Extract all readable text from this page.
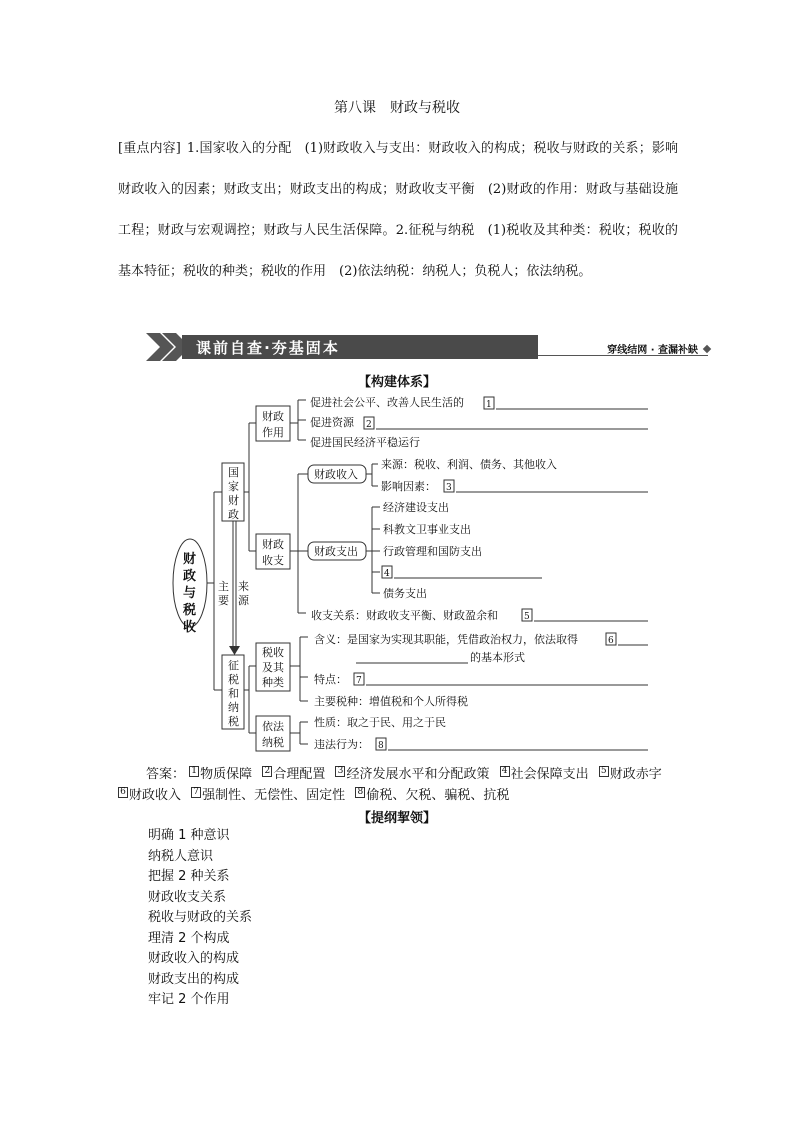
第八课　财政与税收

[重点内容] 1.国家收入的分配　(1)财政收入与支出：财政收入的构成；税收与财政的关系；影响财政收入的因素；财政支出；财政支出的构成；财政收支平衡　(2)财政的作用：财政与基础设施工程；财政与宏观调控；财政与人民生活保障。2.征税与纳税　(1)税收及其种类：税收；税收的基本特征；税收的种类；税收的作用　(2)依法纳税：纳税人；负税人；依法纳税。

课前自查·夯基固本	穿线结网 · 查漏补缺
【构建体系】
财
政
与
税
收
主
要
来
源
国
家
财
政
征
税
和
纳
税
财政
作用
财政
收支
税收
及其
种类
依法
纳税
财政收入
财政支出
促进社会公平、改善人民生活的
促进资源
促进国民经济平稳运行
来源：税收、利润、债务、其他收入
影响因素：
经济建设支出
科教文卫事业支出
行政管理和国防支出
债务支出
收支关系：财政收支平衡、财政盈余和
含义：是国家为实现其职能，凭借政治权力，依法取得
的基本形式
特点：
主要税种：增值税和个人所得税
性质：取之于民、用之于民
违法行为：
1
2
3
4
5
6
7
8
答案： 1 物质保障 2 合理配置 3 经济发展水平和分配政策 4 社会保障支出 5 财政赤字 6 财政收入 7 强制性、无偿性、固定性 8 偷税、欠税、骗税、抗税
【提纲挈领】
明确 1 种意识
纳税人意识
把握 2 种关系
财政收支关系
税收与财政的关系
理清 2 个构成
财政收入的构成
财政支出的构成
牢记 2 个作用
